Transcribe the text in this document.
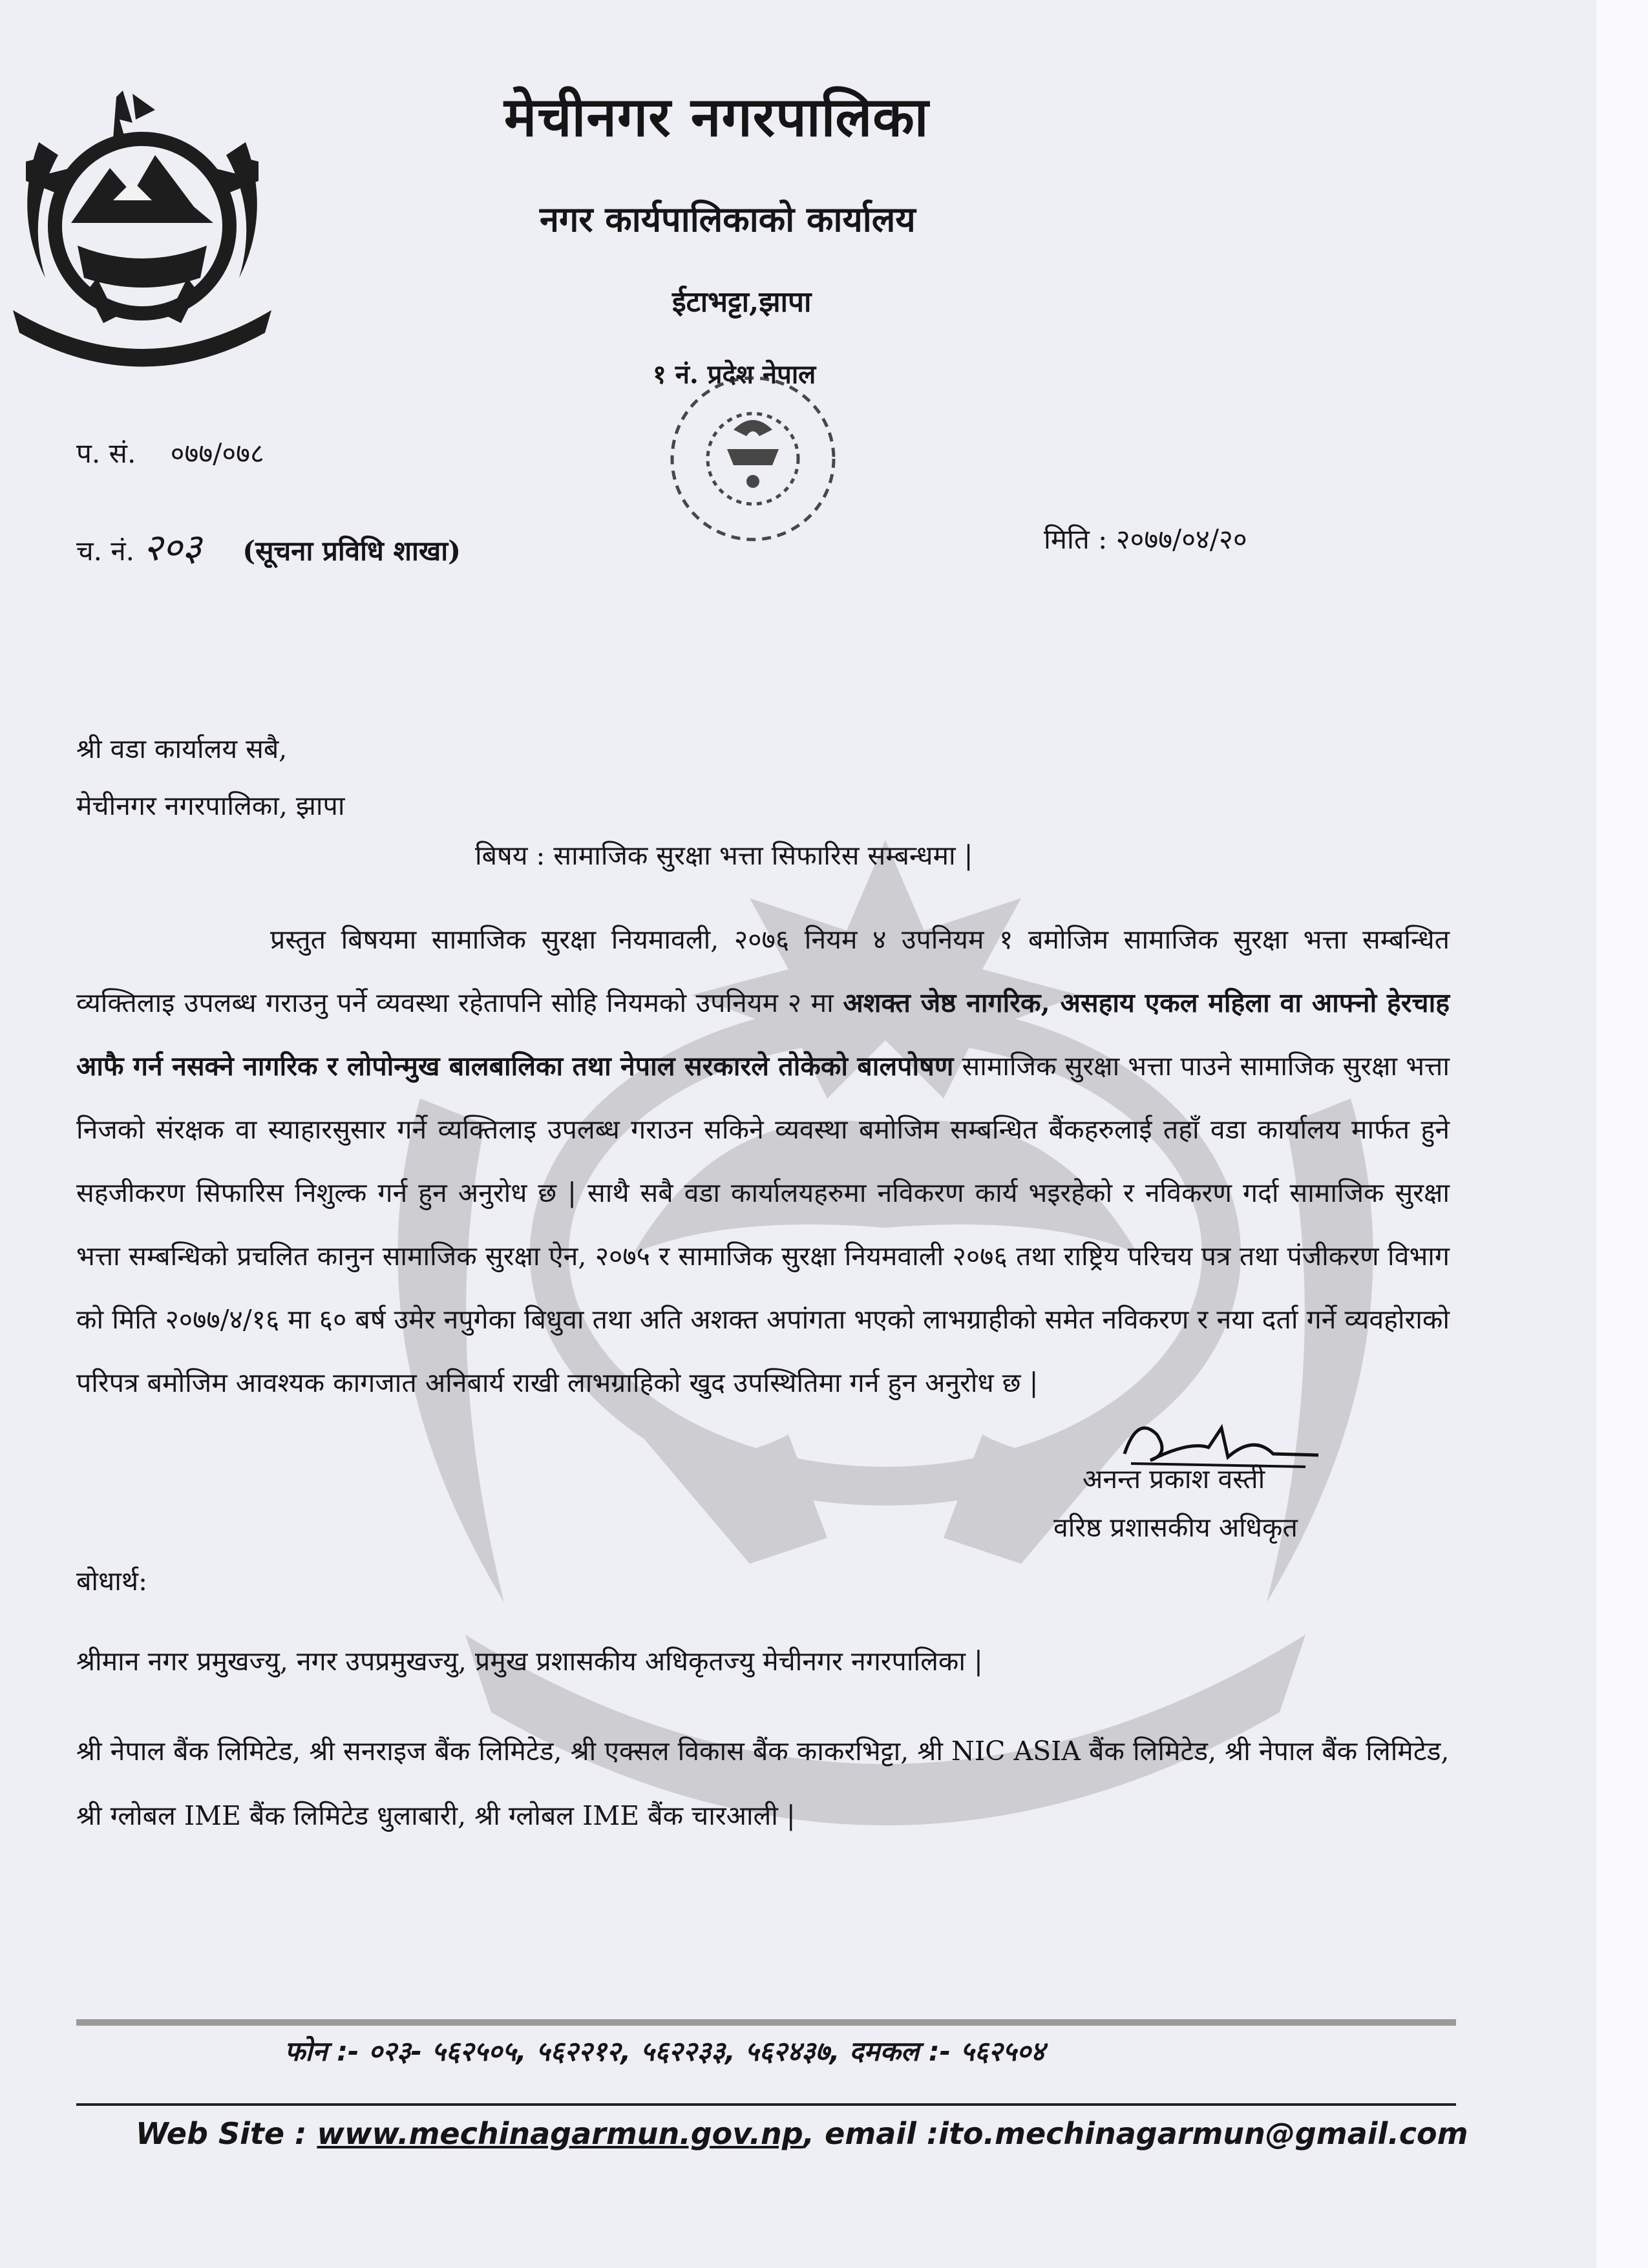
मेचीनगर नगरपालिका
नगर कार्यपालिकाको कार्यालय
ईटाभट्टा,झापा
१ नं. प्रदेश नेपाल
प. सं. ०७७/०७८
च. नं. २०३ (सूचना प्रविधि शाखा)	मिति : २०७७/०४/२०
श्री वडा कार्यालय सबै,
मेचीनगर नगरपालिका, झापा
बिषय : सामाजिक सुरक्षा भत्ता सिफारिस सम्बन्धमा |
प्रस्तुत बिषयमा सामाजिक सुरक्षा नियमावली, २०७६ नियम ४ उपनियम १ बमोजिम सामाजिक सुरक्षा भत्ता सम्बन्धित व्यक्तिलाइ उपलब्ध गराउनु पर्ने व्यवस्था रहेतापनि सोहि नियमको उपनियम २ मा अशक्त जेष्ठ नागरिक, असहाय एकल महिला वा आफ्नो हेरचाह आफै गर्न नसक्ने नागरिक र लोपोन्मुख बालबालिका तथा नेपाल सरकारले तोकेको बालपोषण सामाजिक सुरक्षा भत्ता पाउने सामाजिक सुरक्षा भत्ता निजको संरक्षक वा स्याहारसुसार गर्ने व्यक्तिलाइ उपलब्ध गराउन सकिने व्यवस्था बमोजिम सम्बन्धित बैंकहरुलाई तहाँ वडा कार्यालय मार्फत हुने सहजीकरण सिफारिस निशुल्क गर्न हुन अनुरोध छ | साथै सबै वडा कार्यालयहरुमा नविकरण कार्य भइरहेको र नविकरण गर्दा सामाजिक सुरक्षा भत्ता सम्बन्धिको प्रचलित कानुन सामाजिक सुरक्षा ऐन, २०७५ र सामाजिक सुरक्षा नियमवाली २०७६ तथा राष्ट्रिय परिचय पत्र तथा पंजीकरण विभाग को मिति २०७७/४/१६ मा ६० बर्ष उमेर नपुगेका बिधुवा तथा अति अशक्त अपांगता भएको लाभग्राहीको समेत नविकरण र नया दर्ता गर्ने व्यवहोराको परिपत्र बमोजिम आवश्यक कागजात अनिबार्य राखी लाभग्राहिको खुद उपस्थितिमा गर्न हुन अनुरोध छ |
अनन्त प्रकाश वस्ती
वरिष्ठ प्रशासकीय अधिकृत
बोधार्थ:
श्रीमान नगर प्रमुखज्यु, नगर उपप्रमुखज्यु, प्रमुख प्रशासकीय अधिकृतज्यु मेचीनगर नगरपालिका |
श्री नेपाल बैंक लिमिटेड, श्री सनराइज बैंक लिमिटेड, श्री एक्सल विकास बैंक काकरभिट्टा, श्री NIC ASIA बैंक लिमिटेड, श्री नेपाल बैंक लिमिटेड, श्री ग्लोबल IME बैंक लिमिटेड धुलाबारी, श्री ग्लोबल IME बैंक चारआली |
फोन :- ०२३- ५६२५०५, ५६२२१२, ५६२२३३, ५६२४३७, दमकल :- ५६२५०४
Web Site : www.mechinagarmun.gov.np, email :ito.mechinagarmun@gmail.com
